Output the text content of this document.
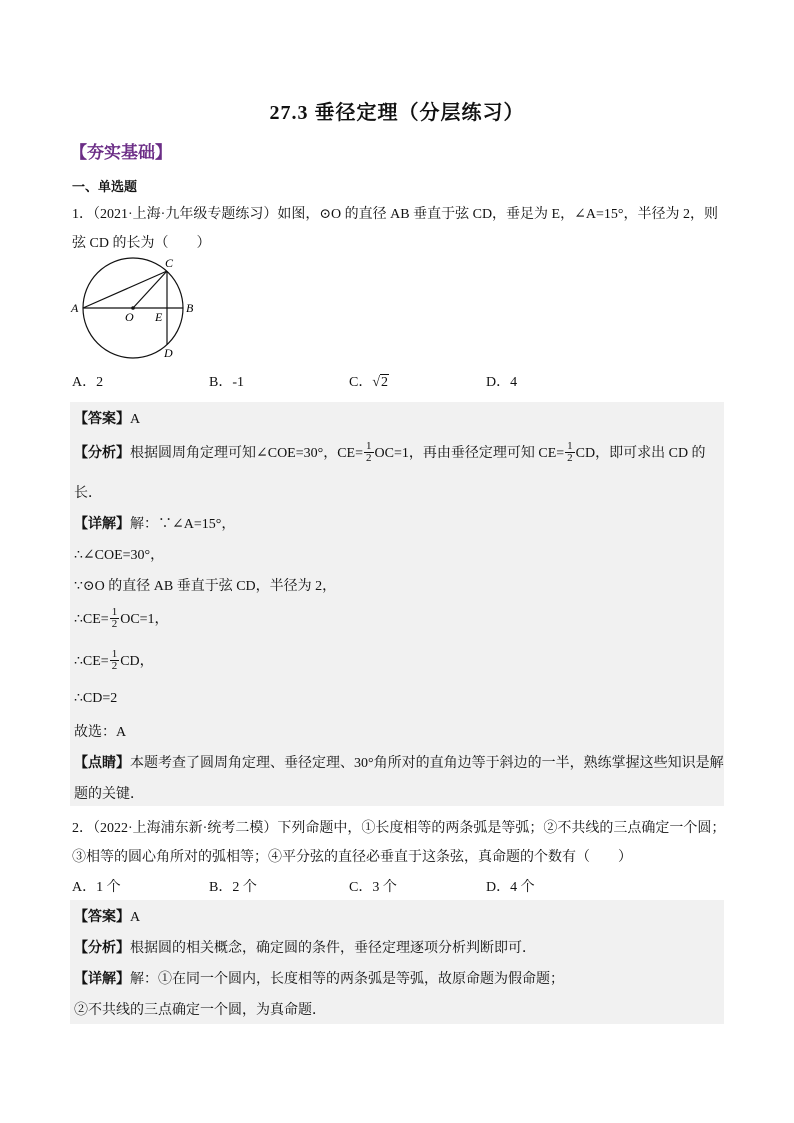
27.3 垂径定理（分层练习）
【夯实基础】
一、单选题
1．（2021·上海·九年级专题练习）如图，⊙O 的直径 AB 垂直于弦 CD，垂足为 E，∠A=15°，半径为 2，则
弦 CD 的长为（　　）
A	B
C
D
O E
A．2	B．-1	C．√2	D．4
【答案】A
【分析】根据圆周角定理可知∠COE=30°，$CE= \frac{1}{2} OC=1$，再由垂径定理可知 $CE= \frac{1}{2}$ CD，即可求出 CD 的
长．
【详解】解：∵∠A=15°，
∴∠COE=30°，
∵⊙O 的直径 AB 垂直于弦 CD，半径为 2，
∴CE= $\frac{1}{2} OC=1$，
∴CE= $\frac{1}{2}$ CD，
∴CD=2
故选：A
【点睛】本题考查了圆周角定理、垂径定理、30°角所对的直角边等于斜边的一半，熟练掌握这些知识是解
题的关键．
2．（2022·上海浦东新·统考二模）下列命题中，①长度相等的两条弧是等弧；②不共线的三点确定一个圆；
③相等的圆心角所对的弧相等；④平分弦的直径必垂直于这条弦，真命题的个数有（　　）
A．1 个	B．2 个	C．3 个	D．4 个
【答案】A
【分析】根据圆的相关概念，确定圆的条件，垂径定理逐项分析判断即可．
【详解】解：①在同一个圆内，长度相等的两条弧是等弧，故原命题为假命题；
②不共线的三点确定一个圆，为真命题．
